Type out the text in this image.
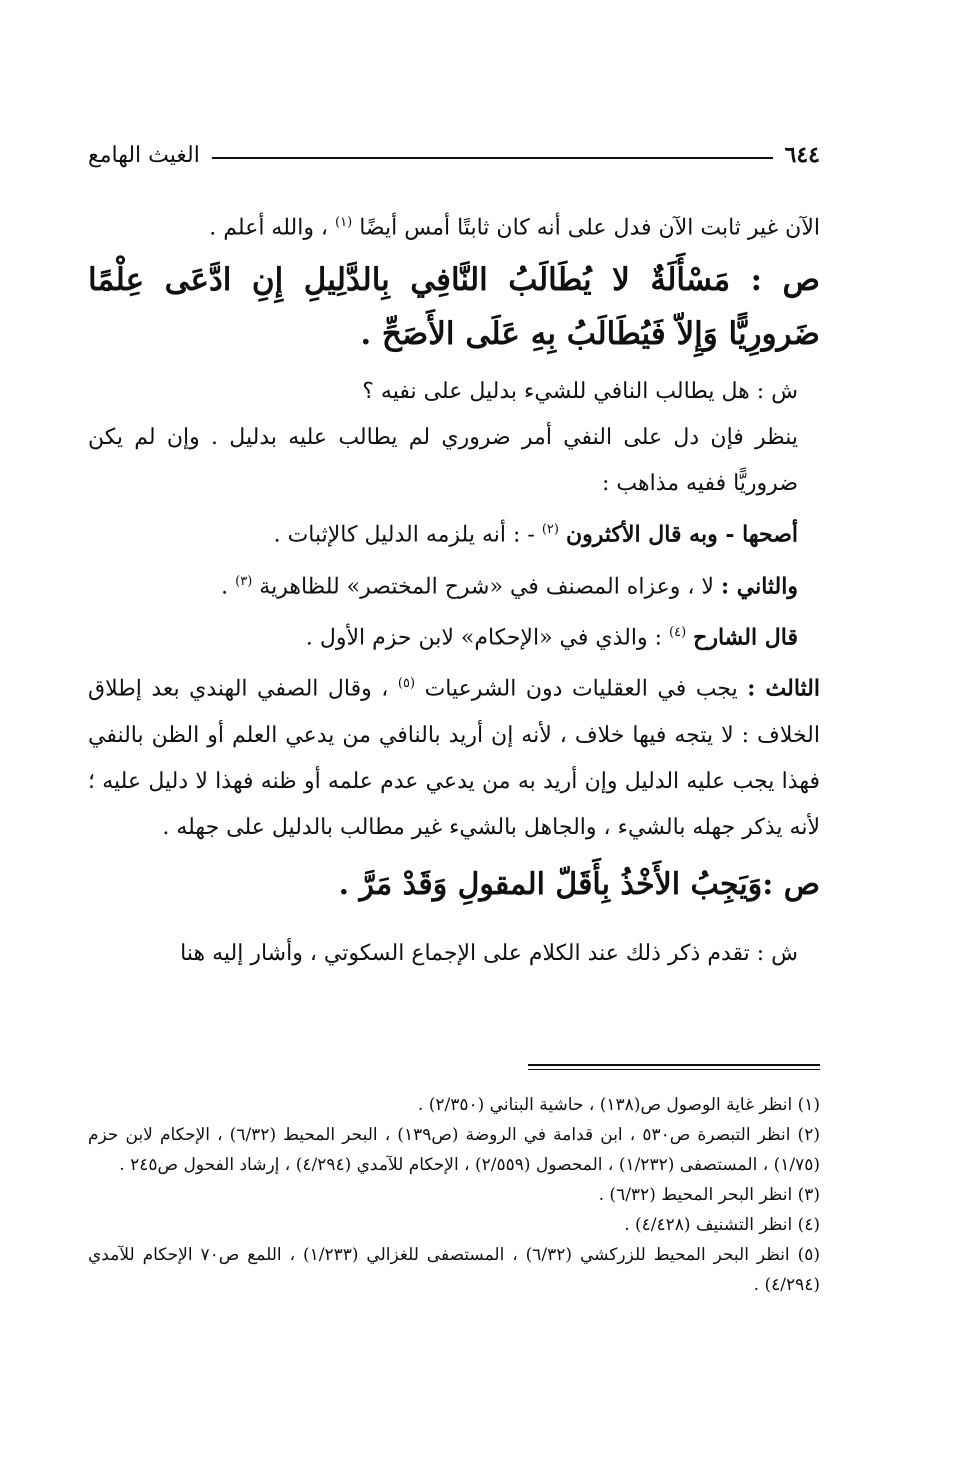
٦٤٤
الغيث الهامع

الآن غير ثابت الآن فدل على أنه كان ثابتًا أمس أيضًا $^{(١)}$ ، والله أعلم .

ص : مَسْأَلَةٌ لا يُطَالَبُ النَّافِي بِالدَّلِيلِ إِنِ ادَّعَى عِلْمًا ضَرورِيًّا وَإِلاّ فَيُطَالَبُ بِهِ عَلَى الأَصَحِّ .

ش : هل يطالب النافي للشيء بدليل على نفيه ؟

ينظر فإن دل على النفي أمر ضروري لم يطالب عليه بدليل . وإن لم يكن ضروريًّا ففيه مذاهب :

أصحها - وبه قال الأكثرون $^{(٢)}$ - : أنه يلزمه الدليل كالإثبات .

والثاني : لا ، وعزاه المصنف في «شرح المختصر» للظاهرية $^{(٣)}$ .

قال الشارح $^{(٤)}$ : والذي في «الإحكام» لابن حزم الأول .

الثالث : يجب في العقليات دون الشرعيات $^{(٥)}$ ، وقال الصفي الهندي بعد إطلاق الخلاف : لا يتجه فيها خلاف ، لأنه إن أريد بالنافي من يدعي العلم أو الظن بالنفي فهذا يجب عليه الدليل وإن أريد به من يدعي عدم علمه أو ظنه فهذا لا دليل عليه ؛ لأنه يذكر جهله بالشيء ، والجاهل بالشيء غير مطالب بالدليل على جهله .

ص :وَيَجِبُ الأَخْذُ بِأَقَلّ المقولِ وَقَدْ مَرَّ .

ش : تقدم ذكر ذلك عند الكلام على الإجماع السكوتي ، وأشار إليه هنا

(١) انظر غاية الوصول ص(١٣٨) ، حاشية البناني (٢/٣٥٠) .

(٢) انظر التبصرة ص٥٣٠ ، ابن قدامة في الروضة (ص١٣٩) ، البحر المحيط (٦/٣٢) ، الإحكام لابن حزم (١/٧٥) ، المستصفى (١/٢٣٢) ، المحصول (٢/٥٥٩) ، الإحكام للآمدي (٤/٢٩٤) ، إرشاد الفحول ص٢٤٥ .

(٣) انظر البحر المحيط (٦/٣٢) .

(٤) انظر التشنيف (٤/٤٢٨) .

(٥) انظر البحر المحيط للزركشي (٦/٣٢) ، المستصفى للغزالي (١/٢٣٣) ، اللمع ص٧٠ الإحكام للآمدي (٤/٢٩٤) .
